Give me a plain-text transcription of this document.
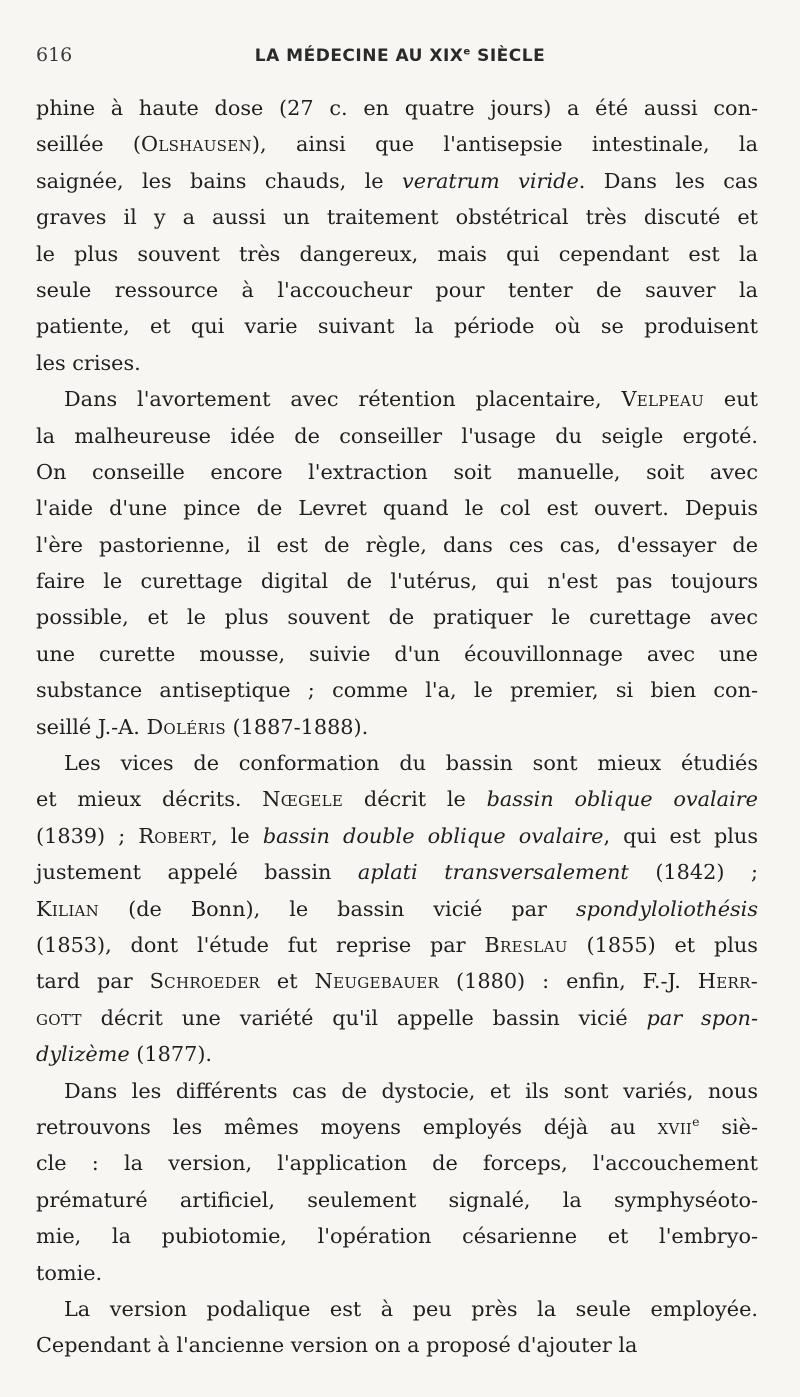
616	LA MÉDECINE AU XIXe SIÈCLE
phine à haute dose (27 c. en quatre jours) a été aussi con-
seillée (Olshausen), ainsi que l'antisepsie intestinale, la
saignée, les bains chauds, le veratrum viride. Dans les cas
graves il y a aussi un traitement obstétrical très discuté et
le plus souvent très dangereux, mais qui cependant est la
seule ressource à l'accoucheur pour tenter de sauver la
patiente, et qui varie suivant la période où se produisent
les crises.
Dans l'avortement avec rétention placentaire, Velpeau eut
la malheureuse idée de conseiller l'usage du seigle ergoté.
On conseille encore l'extraction soit manuelle, soit avec
l'aide d'une pince de Levret quand le col est ouvert. Depuis
l'ère pastorienne, il est de règle, dans ces cas, d'essayer de
faire le curettage digital de l'utérus, qui n'est pas toujours
possible, et le plus souvent de pratiquer le curettage avec
une curette mousse, suivie d'un écouvillonnage avec une
substance antiseptique ; comme l'a, le premier, si bien con-
seillé J.-A. Doléris (1887-1888).
Les vices de conformation du bassin sont mieux étudiés
et mieux décrits. Nœgele décrit le bassin oblique ovalaire
(1839) ; Robert, le bassin double oblique ovalaire, qui est plus
justement appelé bassin aplati transversalement (1842) ;
Kilian (de Bonn), le bassin vicié par spondyloliothésis
(1853), dont l'étude fut reprise par Breslau (1855) et plus
tard par Schroeder et Neugebauer (1880) : enfin, F.-J. Herr-
gott décrit une variété qu'il appelle bassin vicié par spon-
dylizème (1877).
Dans les différents cas de dystocie, et ils sont variés, nous
retrouvons les mêmes moyens employés déjà au xvii$^e$ siè-
cle : la version, l'application de forceps, l'accouchement
prématuré artificiel, seulement signalé, la symphyséoto-
mie, la pubiotomie, l'opération césarienne et l'embryo-
tomie.
La version podalique est à peu près la seule employée.
Cependant à l'ancienne version on a proposé d'ajouter la
